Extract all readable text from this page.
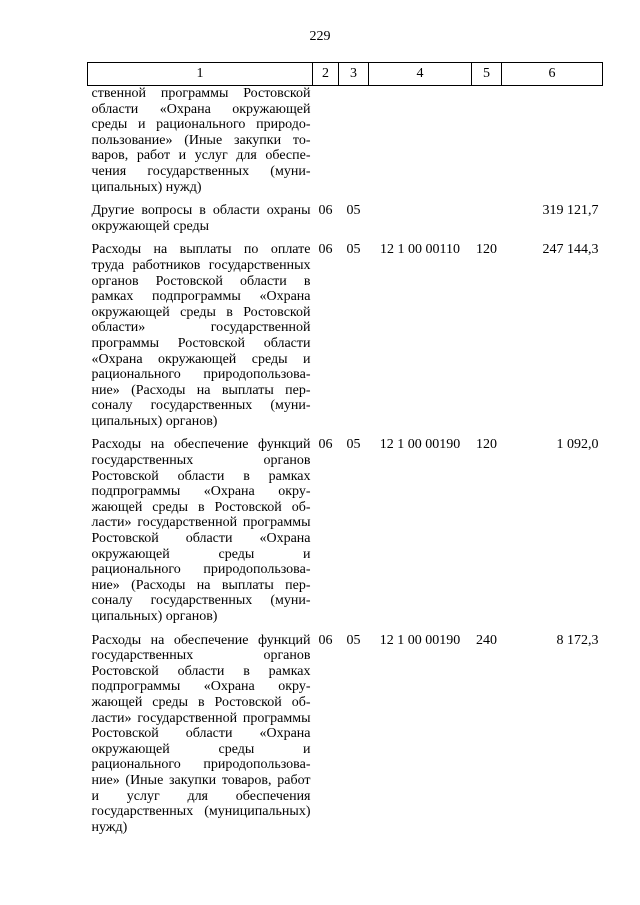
229
1	2	3	4	5	6
ственной программы Ростовской области «Охрана окружающей среды и рационального природопользование» (Иные закупки товаров, работ и услуг для обеспечения государственных (муниципальных) нужд)					
Другие вопросы в области охраны окружающей среды	06	05			319 121,7
Расходы на выплаты по оплате труда работников государственных органов Ростовской области в рамках подпрограммы «Охрана окружающей среды в Ростовской области» государственной программы Ростовской области «Охрана окружающей среды и рационального природопользование» (Расходы на выплаты персоналу государственных (муниципальных) органов)	06	05	12 1 00 00110	120	247 144,3
Расходы на обеспечение функций государственных органов Ростовской области в рамках подпрограммы «Охрана окружающей среды в Ростовской области» государственной программы Ростовской области «Охрана окружающей среды и рационального природопользование» (Расходы на выплаты персоналу государственных (муниципальных) органов)	06	05	12 1 00 00190	120	1 092,0
Расходы на обеспечение функций государственных органов Ростовской области в рамках подпрограммы «Охрана окружающей среды в Ростовской области» государственной программы Ростовской области «Охрана окружающей среды и рационального природопользование» (Иные закупки товаров, работ и услуг для обеспечения государственных (муниципальных) нужд)	06	05	12 1 00 00190	240	8 172,3
